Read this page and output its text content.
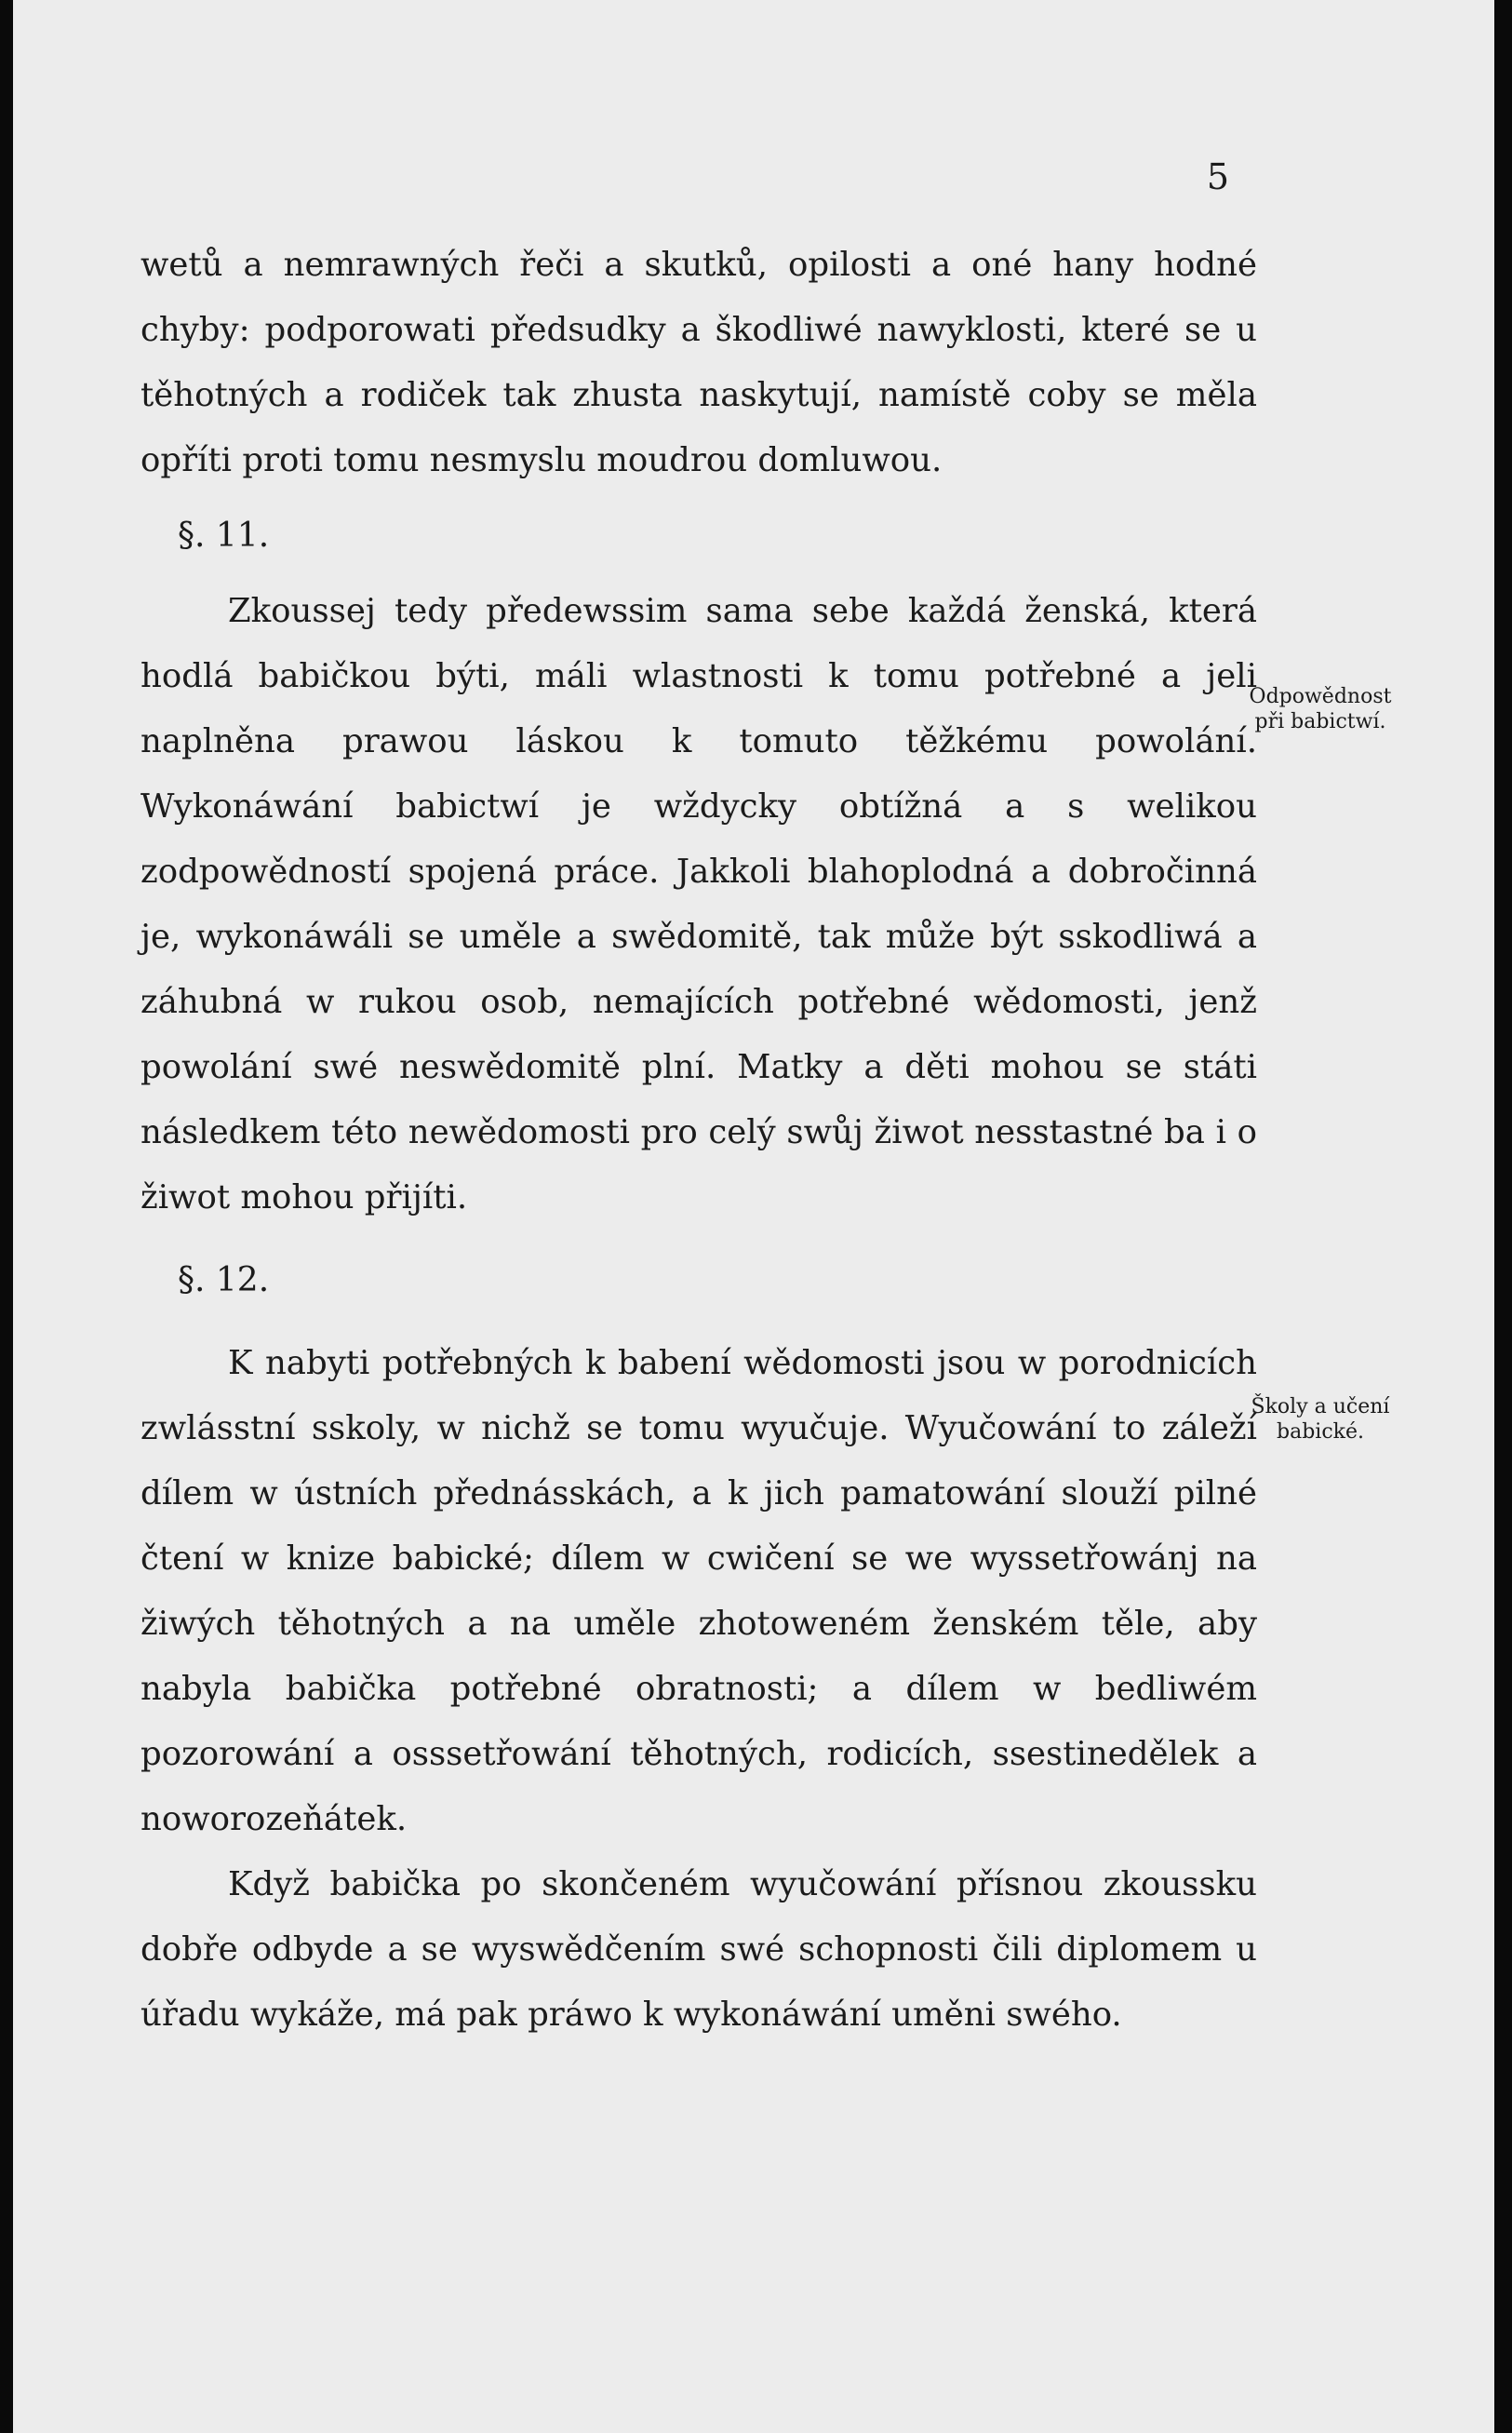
5

wetů a nemrawných řeči a skutků, opilosti a oné hany hodné chyby: podporowati předsudky a škodliwé nawyklosti, které se u těhotných a rodiček tak zhusta naskytují, namístě coby se měla opříti proti tomu nesmyslu moudrou domluwou.

§. 11.

Zkoussej tedy předewssim sama sebe každá ženská, která hodlá babičkou býti, máli wlastnosti k tomu potřebné a jeli naplněna prawou láskou k tomuto těžkému powolání. Wykonáwání babictwí je wždycky obtížná a s welikou zodpowědností spojená práce. Jakkoli blahoplodná a dobročinná je, wykonáwáli se uměle a swědomitě, tak může být sskodliwá a záhubná w rukou osob, nemajících potřebné wědomosti, jenž powolání swé neswědomitě plní. Matky a děti mohou se státi následkem této newědomosti pro celý swůj žiwot nesstastné ba i o žiwot mohou přijíti.

§. 12.

K nabyti potřebných k babení wědomosti jsou w porodnicích zwlásstní sskoly, w nichž se tomu wyučuje. Wyučowání to záleží dílem w ústních přednásskách, a k jich pamatowání slouží pilné čtení w knize babické; dílem w cwičení se we wyssetřowánj na žiwých těhotných a na uměle zhotoweném ženském těle, aby nabyla babička potřebné obratnosti; a dílem w bedliwém pozorowání a osssetřowání těhotných, rodicích, ssestinedělek a noworozeňátek.

Když babička po skončeném wyučowání přísnou zkoussku dobře odbyde a se wyswědčením swé schopnosti čili diplomem u úřadu wykáže, má pak práwo k wykonáwání uměni swého.

Odpowědnost při babictwí.
Školy a učení babické.
